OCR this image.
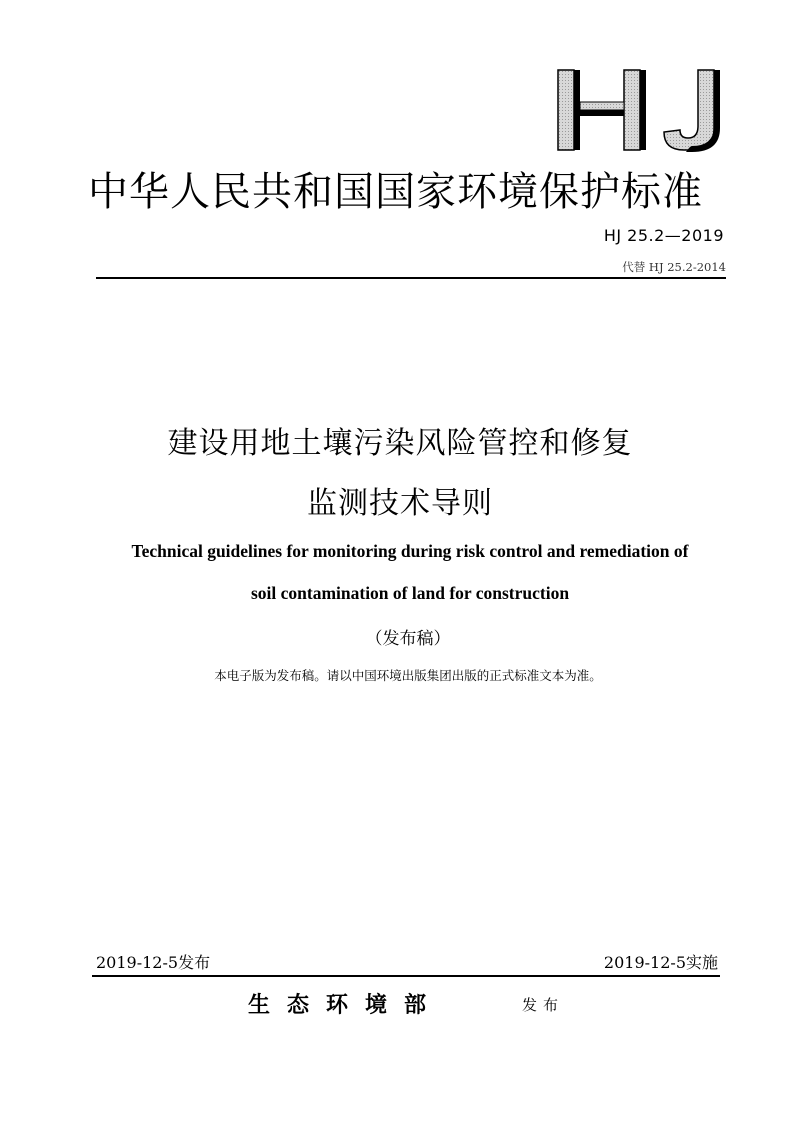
中华人民共和国国家环境保护标准
HJ 25.2—2019
代替 HJ 25.2-2014
建设用地土壤污染风险管控和修复
监测技术导则
Technical guidelines for monitoring during risk control and remediation of
soil contamination of land for construction
（发布稿）
本电子版为发布稿。请以中国环境出版集团出版的正式标准文本为准。
2019-12-5发布	2019-12-5实施
生态环境部	发布
